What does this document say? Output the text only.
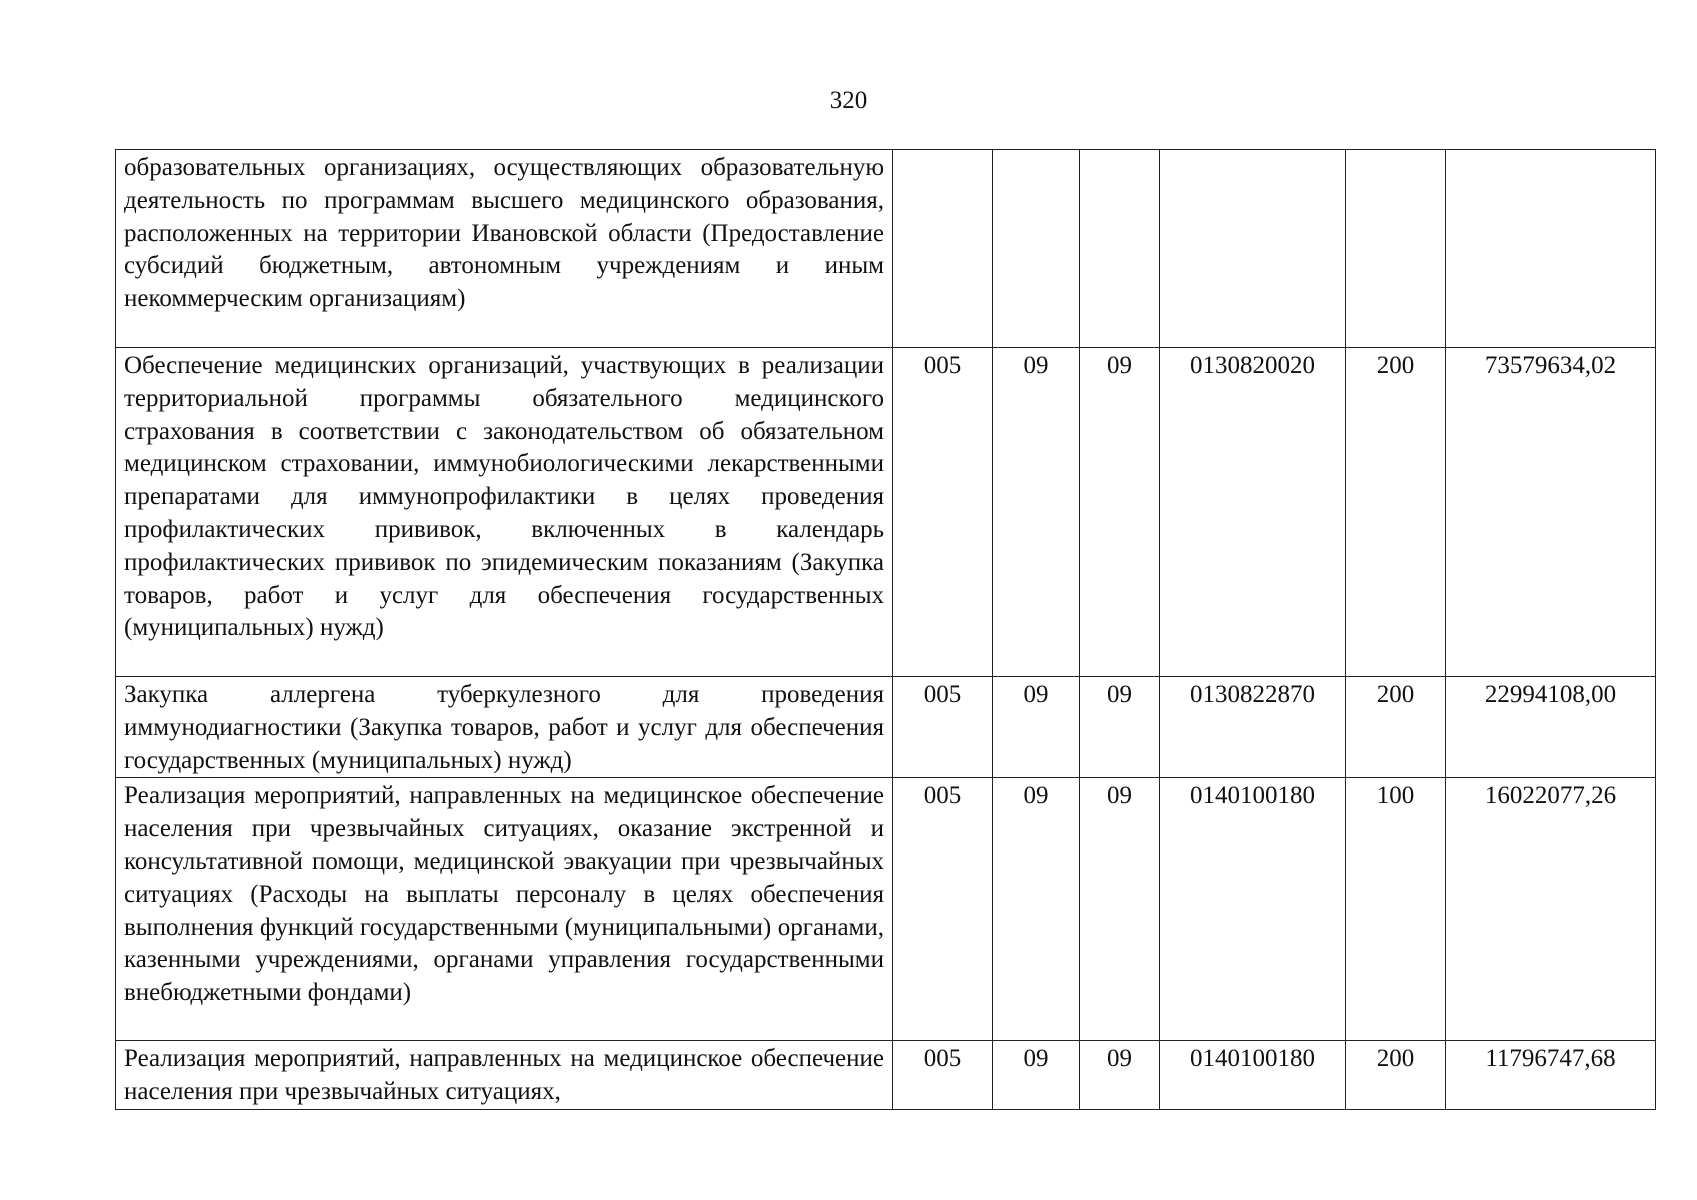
320
образовательных организациях, осуществляющих образовательную деятельность по программам высшего медицинского образования, расположенных на территории Ивановской области (Предоставление субсидий бюджетным, автономным учреждениям и иным некоммерческим организациям)						
Обеспечение медицинских организаций, участвующих в реализации территориальной программы обязательного медицинского страхования в соответствии с законодательством об обязательном медицинском страховании, иммунобиологическими лекарственными препаратами для иммунопрофилактики в целях проведения профилактических прививок, включенных в календарь профилактических прививок по эпидемическим показаниям (Закупка товаров, работ и услуг для обеспечения государственных (муниципальных) нужд)	005	09	09	0130820020	200	73579634,02
Закупка аллергена туберкулезного для проведения иммунодиагностики (Закупка товаров, работ и услуг для обеспечения государственных (муниципальных) нужд)	005	09	09	0130822870	200	22994108,00
Реализация мероприятий, направленных на медицинское обеспечение населения при чрезвычайных ситуациях, оказание экстренной и консультативной помощи, медицинской эвакуации при чрезвычайных ситуациях (Расходы на выплаты персоналу в целях обеспечения выполнения функций государственными (муниципальными) органами, казенными учреждениями, органами управления государственными внебюджетными фондами)	005	09	09	0140100180	100	16022077,26
Реализация мероприятий, направленных на медицинское обеспечение населения при чрезвычайных ситуациях,	005	09	09	0140100180	200	11796747,68
